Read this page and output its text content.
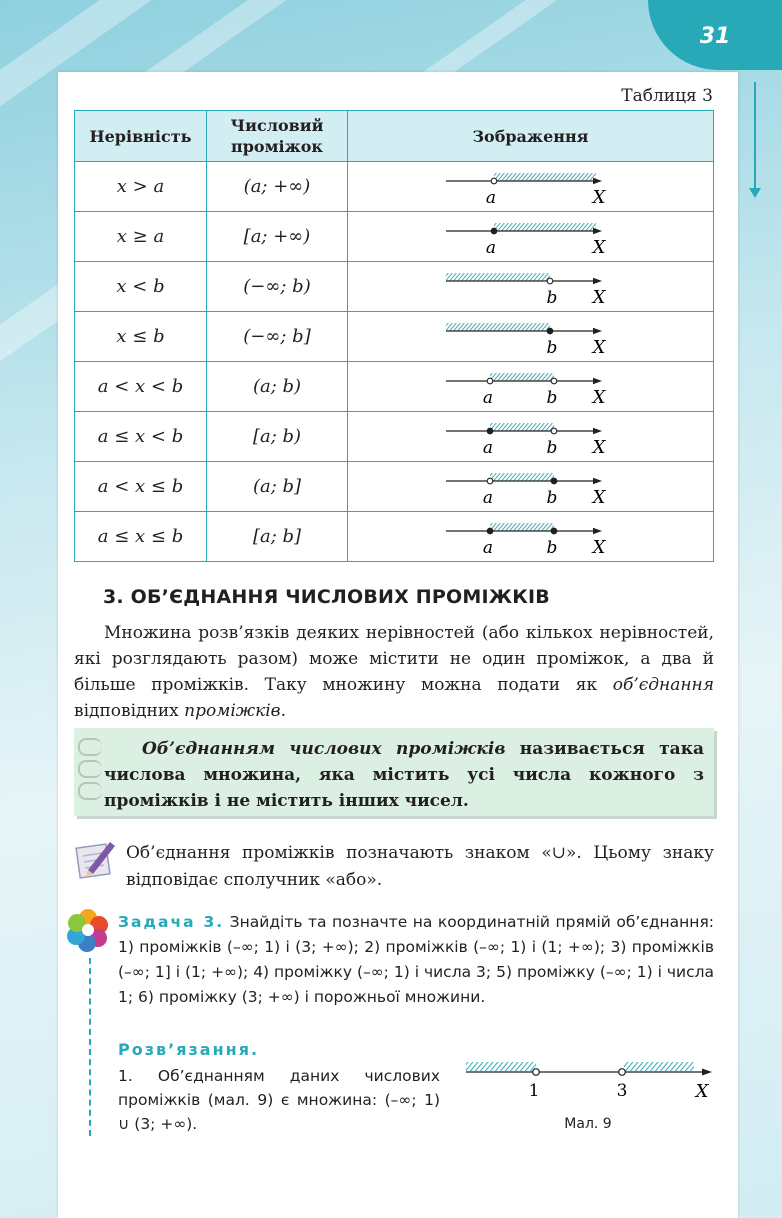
31
Таблиця 3
Нерівність	Числовий проміжок	Зображення
x > a	(a; +∞)	a X

x ≥ a	[a; +∞)	a X

x < b	(−∞; b)	b X

x ≤ b	(−∞; b]	b X

a < x < b	(a; b)	a b X

a ≤ x < b	[a; b)	a b X

a < x ≤ b	(a; b]	a b X

a ≤ x ≤ b	[a; b]	a b X
3. ОБ’ЄДНАННЯ ЧИСЛОВИХ ПРОМІЖКІВ
Множина розв’язків деяких нерівностей (або кількох нерівностей, які розглядають разом) може містити не один проміжок, а два й більше проміжків. Таку множину можна подати як об’єднання відповідних проміжків.
Об’єднанням числових проміжків називається така числова множина, яка містить усі числа кожного з проміжків і не містить інших чисел.
Об’єднання проміжків позначають знаком «∪». Цьому знаку відповідає сполучник «або».
Задача 3. Знайдіть та позначте на координатній прямій об’єднання: 1) проміжків (–∞; 1) і (3; +∞); 2) проміжків (–∞; 1) і (1; +∞); 3) проміжків (–∞; 1] і (1; +∞); 4) проміжку (–∞; 1) і числа 3; 5) проміжку (–∞; 1) і числа 1; 6) проміжку (3; +∞) і порожньої множини.
Розв’язання.
1. Об’єднанням даних числових проміжків (мал. 9) є множина: (–∞; 1) ∪ (3; +∞).
1	3	X
Мал. 9
